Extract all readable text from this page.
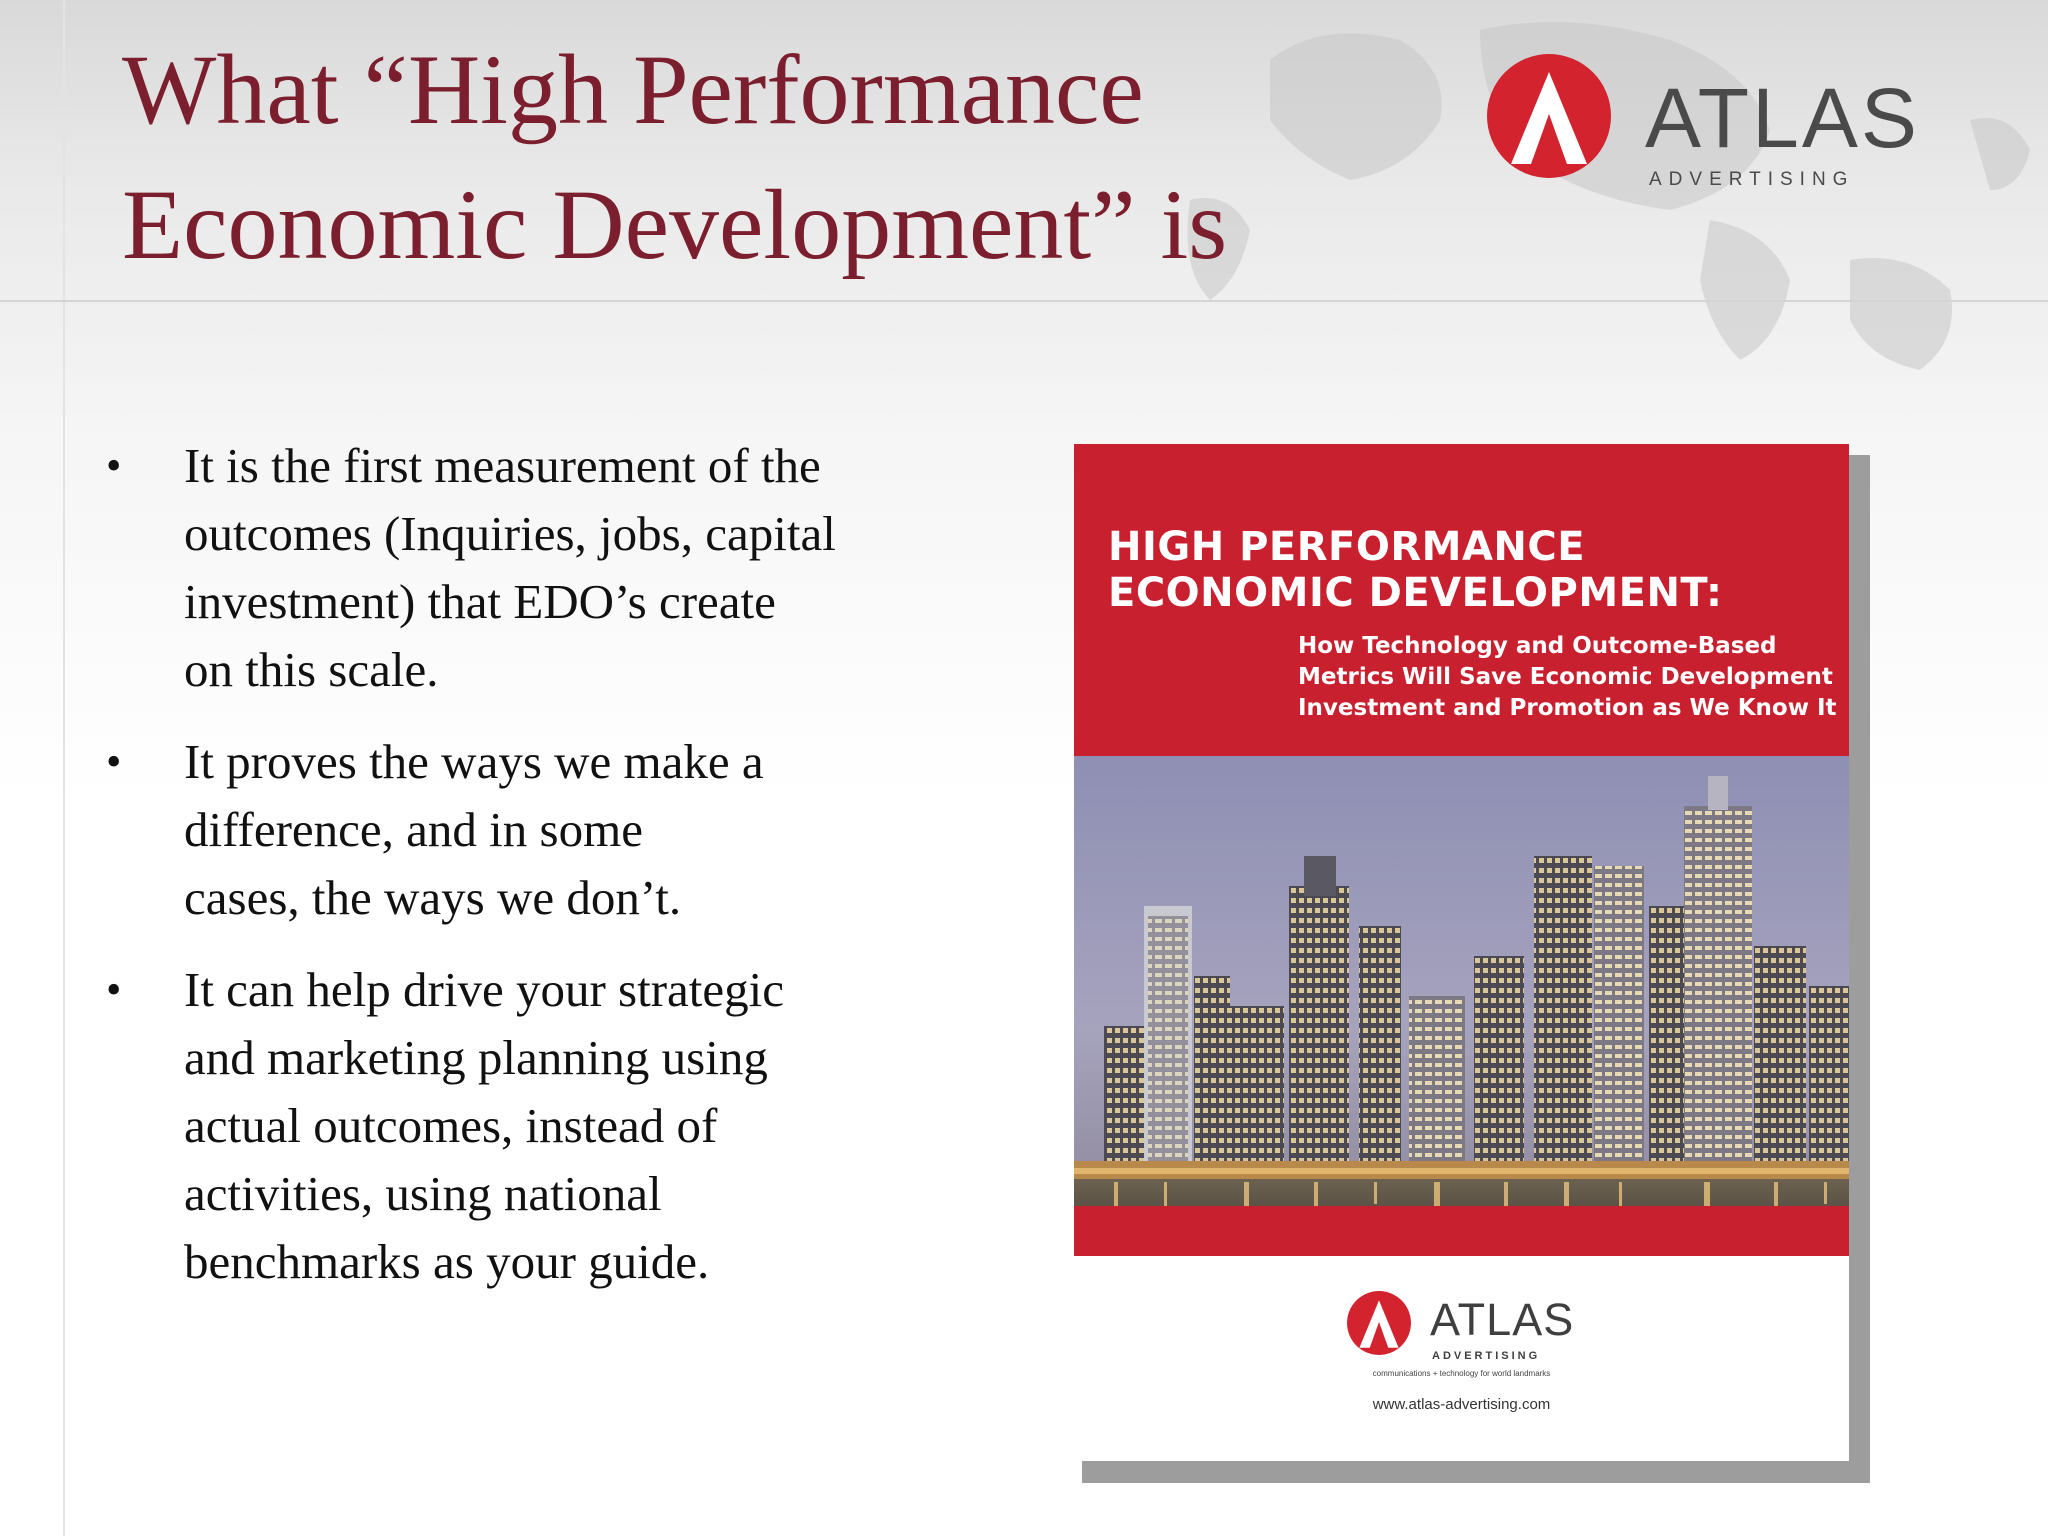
What “High Performance
Economic Development” is

ATLAS

ADVERTISING

• It is the first measurement of the
outcomes (Inquiries, jobs, capital
investment) that EDO’s create
on this scale.
• It proves the ways we make a
difference, and in some
cases, the ways we don’t.
• It can help drive your strategic
and marketing planning using
actual outcomes, instead of
activities, using national
benchmarks as your guide.
HIGH PERFORMANCE
ECONOMIC DEVELOPMENT:

How Technology and Outcome-Based
Metrics Will Save Economic Development
Investment and Promotion as We Know It

ATLAS

ADVERTISING

communications + technology for world landmarks

www.atlas-advertising.com
